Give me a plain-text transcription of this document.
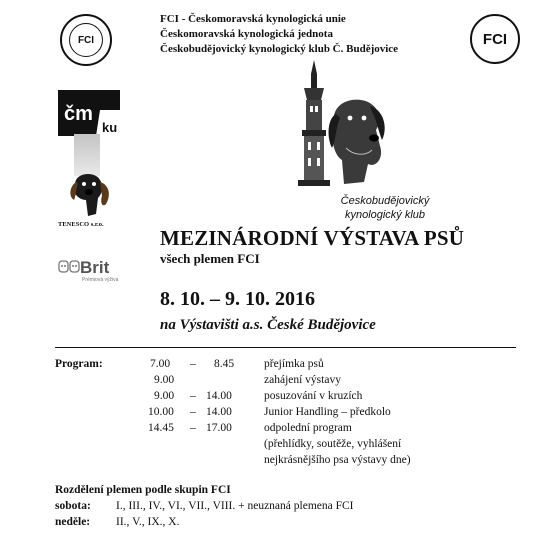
FCI - Českomoravská kynologická unie
Českomoravská kynologická jednota
Českobudějovický kynologický klub Č. Budějovice
FCI
čm
ku
FCI
TENESCO s.r.o.
Brit
Prémiová výživa
Českobudějovický
kynologický klub
MEZINÁRODNÍ VÝSTAVA PSŮ
všech plemen FCI
8. 10. – 9. 10. 2016
na Výstavišti a.s. České Budějovice
Program:	7.00 – 8.45	přejímka psů
9.00	zahájení výstavy
9.00 – 14.00	posuzování v kruzích
10.00 – 14.00	Junior Handling – předkolo
14.45 – 17.00	odpolední program
(přehlídky, soutěže, vyhlášení
nejkrásnějšího psa výstavy dne)
Rozdělení plemen podle skupin FCI
sobota: I., III., IV., VI., VII., VIII. + neuznaná plemena FCI
neděle: II., V., IX., X.
